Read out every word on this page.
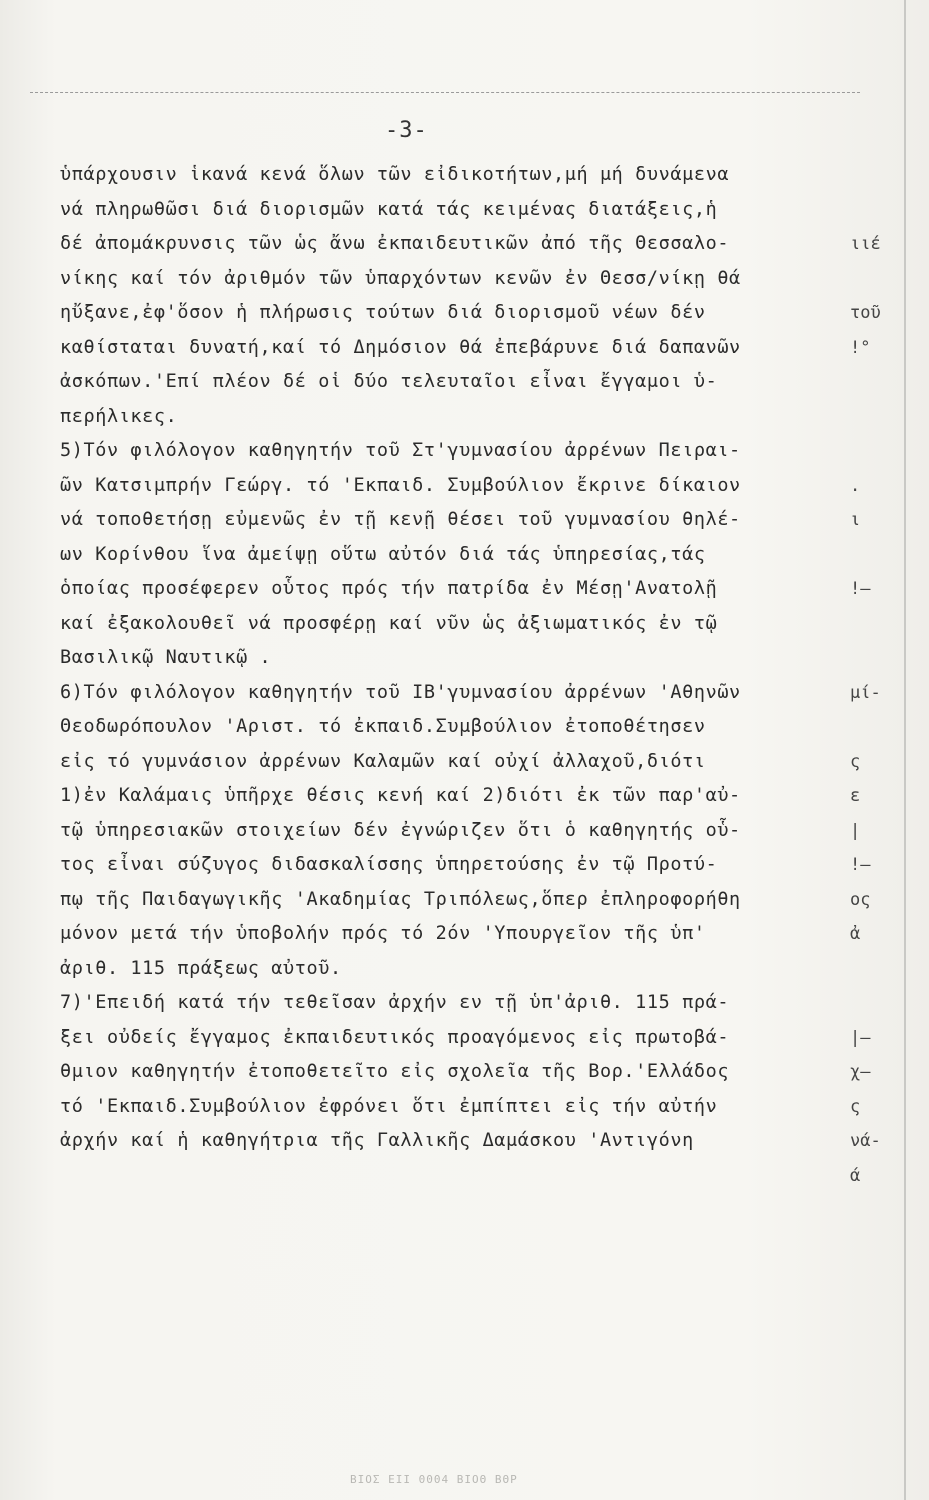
-3-
ὑπάρχουσιν ἱκανά κενά ὅλων τῶν εἰδικοτήτων,μή μή δυνάμενα
νά πληρωθῶσι διά διορισμῶν κατά τάς κειμένας διατάξεις,ἡ
δέ ἀπομάκρυνσις τῶν ὡς ἄνω ἐκπαιδευτικῶν ἀπό τῆς Θεσσαλο-
νίκης καί τόν ἀριθμόν τῶν ὑπαρχόντων κενῶν ἐν Θεσσ/νίκῃ θά
ηὔξανε,ἐφ'ὅσον ἡ πλήρωσις τούτων διά διορισμοῦ νέων δέν
καθίσταται δυνατή,καί τό Δημόσιον θά ἐπεβάρυνε διά δαπανῶν
ἀσκόπων.'Επί πλέον δέ οἱ δύο τελευταῖοι εἶναι ἔγγαμοι ὑ-
περήλικες.
5)Τόν φιλόλογον καθηγητήν τοῦ Στ'γυμνασίου ἀρρένων Πειραι-
ῶν Κατσιμπρήν Γεώργ. τό 'Εκπαιδ. Συμβούλιον ἔκρινε δίκαιον
νά τοποθετήσῃ εὐμενῶς ἐν τῇ κενῇ θέσει τοῦ γυμνασίου θηλέ-
ων Κορίνθου ἵνα ἀμείψῃ οὕτω αὐτόν διά τάς ὑπηρεσίας,τάς
ὁποίας προσέφερεν οὗτος πρός τήν πατρίδα ἐν Μέσῃ'Ανατολῇ
καί ἐξακολουθεῖ νά προσφέρῃ καί νῦν ὡς ἀξιωματικός ἐν τῷ
Βασιλικῷ Ναυτικῷ .
6)Τόν φιλόλογον καθηγητήν τοῦ ΙΒ'γυμνασίου ἀρρένων 'Αθηνῶν
Θεοδωρόπουλον 'Αριστ. τό ἐκπαιδ.Συμβούλιον ἐτοποθέτησεν
εἰς τό γυμνάσιον ἀρρένων Καλαμῶν καί οὐχί ἀλλαχοῦ,διότι
1)ἐν Καλάμαις ὑπῆρχε θέσις κενή καί 2)διότι ἐκ τῶν παρ'αὐ-
τῷ ὑπηρεσιακῶν στοιχείων δέν ἐγνώριζεν ὅτι ὁ καθηγητής οὗ-
τος εἶναι σύζυγος διδασκαλίσσης ὑπηρετούσης ἐν τῷ Προτύ-
πῳ τῆς Παιδαγωγικῆς 'Ακαδημίας Τριπόλεως,ὅπερ ἐπληροφορήθη
μόνον μετά τήν ὑποβολήν πρός τό 2όν 'Υπουργεῖον τῆς ὑπ'
ἀριθ. 115 πράξεως αὐτοῦ.
7)'Επειδή κατά τήν τεθεῖσαν ἀρχήν εν τῇ ὑπ'ἀριθ. 115 πρά-
ξει οὐδείς ἔγγαμος ἐκπαιδευτικός προαγόμενος εἰς πρωτοβά-
θμιον καθηγητήν ἐτοποθετεῖτο εἰς σχολεῖα τῆς Βορ.'Ελλάδος
τό 'Εκπαιδ.Συμβούλιον ἐφρόνει ὅτι ἐμπίπτει εἰς τήν αὐτήν
ἀρχήν καί ἡ καθηγήτρια τῆς Γαλλικῆς Δαμάσκου 'Αντιγόνη
ιιέ
τοῦ
!°
.
ι
!–
μί-
ς
ε
|
!–
ος
ἀ
|–
χ–
ς
νά-
ά
ΒΙΟΣ ΕΙΙ 0004 ΒΙΟΘ ΒΘΡ
